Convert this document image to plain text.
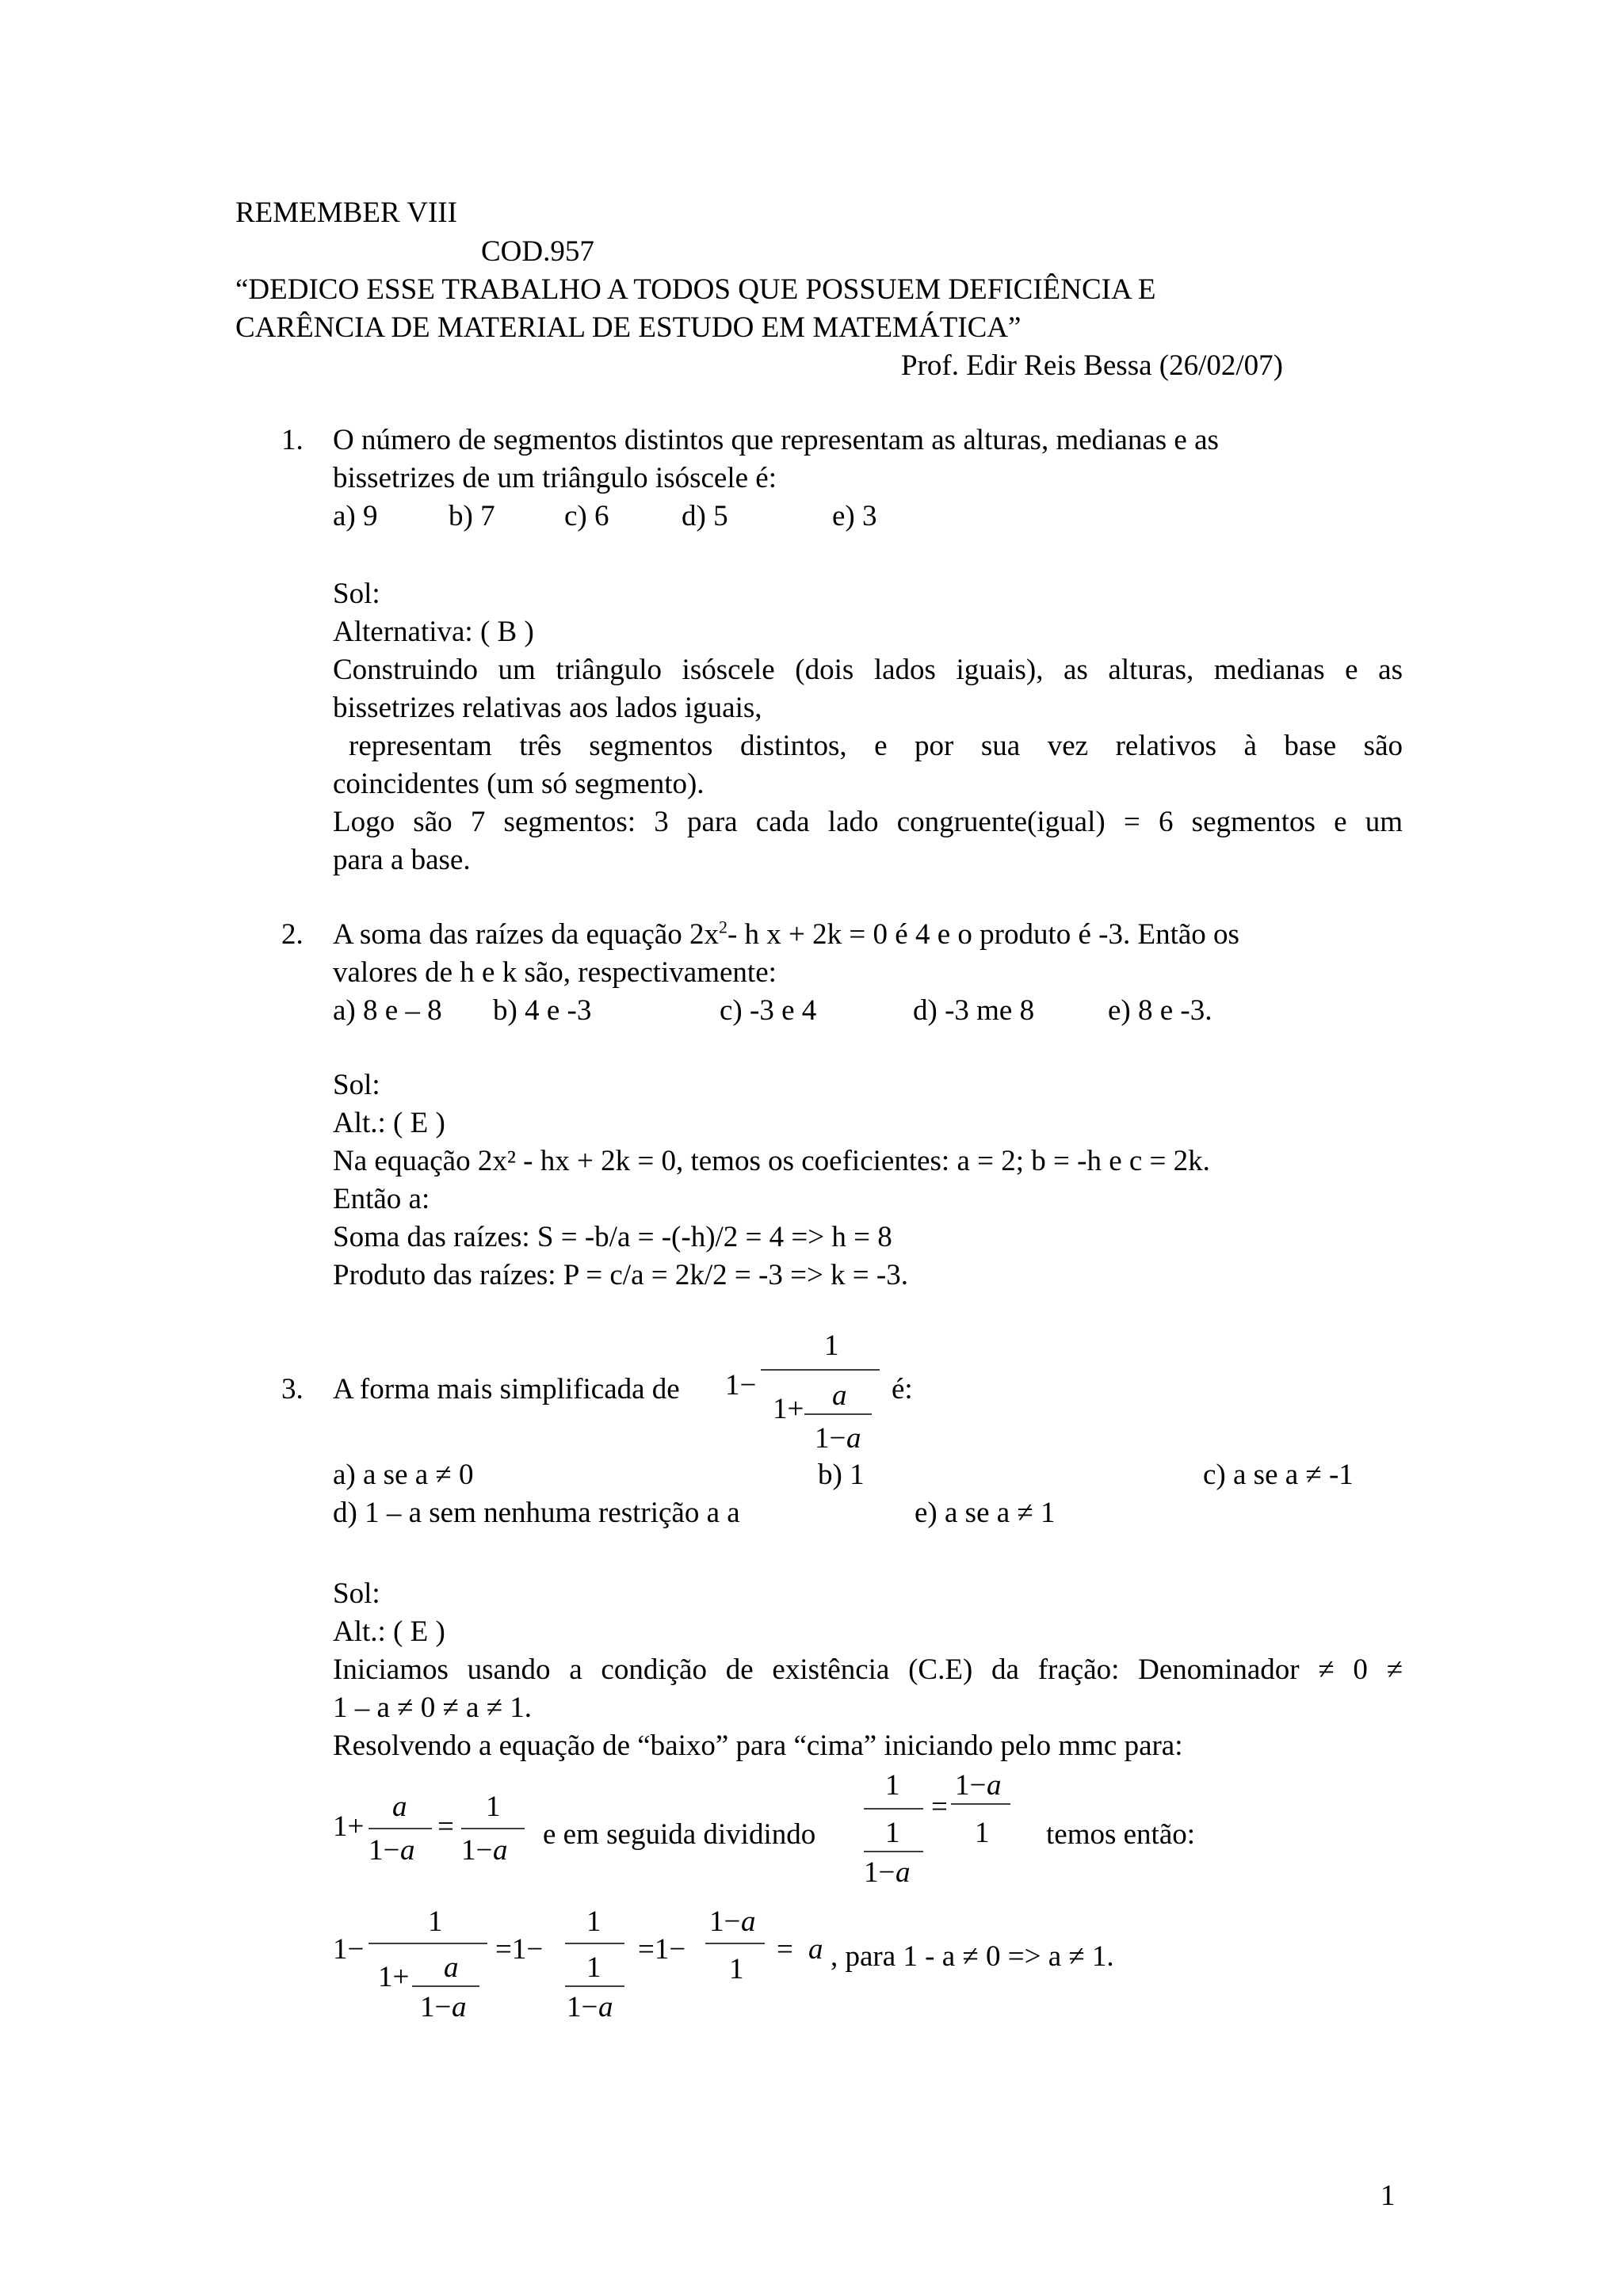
REMEMBER VIII
COD.957
“DEDICO ESSE TRABALHO A TODOS QUE POSSUEM DEFICIÊNCIA E
CARÊNCIA DE MATERIAL DE ESTUDO EM MATEMÁTICA”
Prof. Edir Reis Bessa (26/02/07)
1. O número de segmentos distintos que representam as alturas, medianas e as
bissetrizes de um triângulo isóscele é:
a) 9 b) 7 c) 6 d) 5	e) 3
Sol:
Alternativa: ( B )
Construindo um triângulo isóscele (dois lados iguais), as alturas, medianas e as
bissetrizes relativas aos lados iguais,
representam três segmentos distintos, e por sua vez relativos à base são
coincidentes (um só segmento).
Logo são 7 segmentos: 3 para cada lado congruente(igual) = 6 segmentos e um
para a base.
2. A soma das raízes da equação $2x^2-$ h x + 2k = 0 é 4 e o produto é -3. Então os
valores de h e k são, respectivamente:
a) 8 e – 8 b) 4 e -3	c) -3 e 4	d) -3 me 8	e) 8 e -3.
Sol:
Alt.: ( E )
Na equação 2x² - hx + 2k = 0, temos os coeficientes: a = 2; b = -h e c = 2k.
Então a:
Soma das raízes: S = -b/a = -(-h)/2 = 4 => h = 8
Produto das raízes: P = c/a = 2k/2 = -3 => k = -3.
3. A forma mais simplificada de 1−
1
1+ a
1− a
é:
a) a se a ≠ 0	b) 1	c) a se a ≠ -1
d) 1 – a sem nenhuma restrição a a	e) a se a ≠ 1
Sol:
Alt.: ( E )
Iniciamos usando a condição de existência (C.E) da fração: Denominador ≠ 0 ≠
1 – a ≠ 0 ≠ a ≠ 1.
Resolvendo a equação de “baixo” para “cima” iniciando pelo mmc para:
1+
a
1− a
=
1
1− a e em seguida dividindo
1
1
1− a
=
1− a
1 temos então:
1−
1
1+ a
1− a
=1−
1
1
1− a
=1−
1− a
1
= a , para 1 - a ≠ 0 => a ≠ 1.
1
